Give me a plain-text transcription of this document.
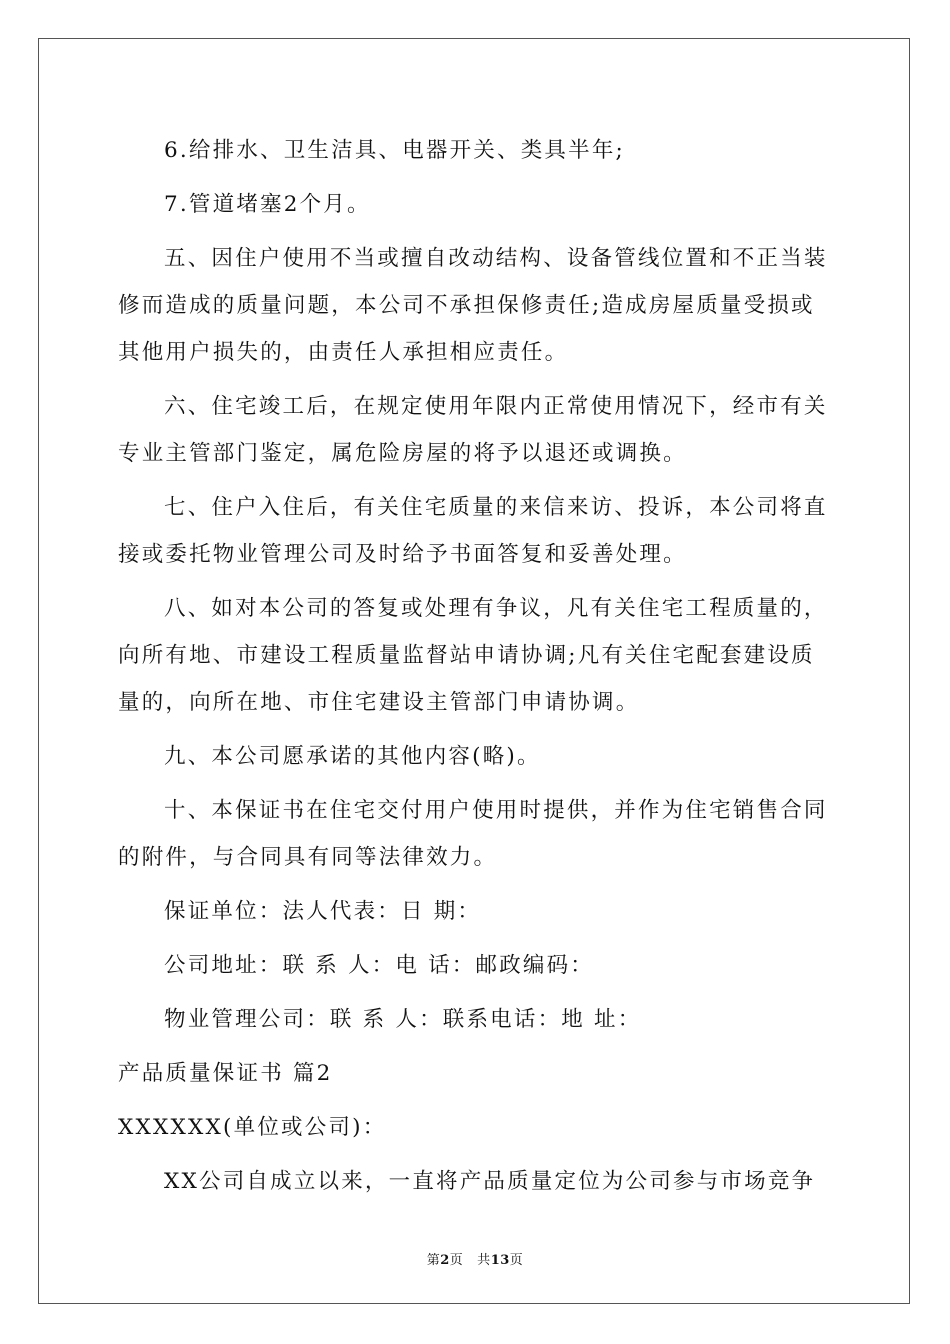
6.给排水、卫生洁具、电器开关、类具半年;

7.管道堵塞2个月。

五、因住户使用不当或擅自改动结构、设备管线位置和不正当装修而造成的质量问题，本公司不承担保修责任;造成房屋质量受损或其他用户损失的，由责任人承担相应责任。

六、住宅竣工后，在规定使用年限内正常使用情况下，经市有关专业主管部门鉴定，属危险房屋的将予以退还或调换。

七、住户入住后，有关住宅质量的来信来访、投诉，本公司将直接或委托物业管理公司及时给予书面答复和妥善处理。

八、如对本公司的答复或处理有争议，凡有关住宅工程质量的，向所有地、市建设工程质量监督站申请协调;凡有关住宅配套建设质量的，向所在地、市住宅建设主管部门申请协调。

九、本公司愿承诺的其他内容(略)。

十、本保证书在住宅交付用户使用时提供，并作为住宅销售合同的附件，与合同具有同等法律效力。

保证单位：法人代表：日 期：

公司地址：联 系 人：电 话：邮政编码：

物业管理公司：联 系 人：联系电话：地 址：

产品质量保证书 篇2

XXXXXX(单位或公司)：

XX公司自成立以来，一直将产品质量定位为公司参与市场竞争

第2页 共13页
